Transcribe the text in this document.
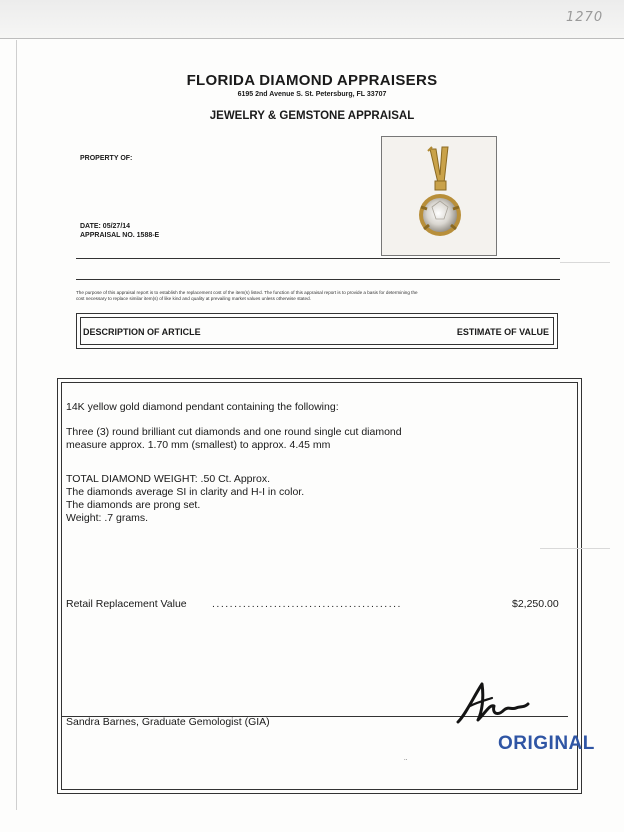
1270
FLORIDA DIAMOND APPRAISERS
6195 2nd Avenue S. St. Petersburg, FL 33707
JEWELRY & GEMSTONE APPRAISAL
PROPERTY OF:
DATE: 05/27/14
APPRAISAL NO. 1588-E
The purpose of this appraisal report is to establish the replacement cost of the item(s) listed. The function of this appraisal report is to provide a basis for determining the
cost necessary to replace similar item(s) of like kind and quality at prevailing market values unless otherwise stated.
DESCRIPTION OF ARTICLE	ESTIMATE OF VALUE
14K yellow gold diamond pendant containing the following:
Three (3) round brilliant cut diamonds and one round single cut diamond
measure approx. 1.70 mm (smallest) to approx. 4.45 mm
TOTAL DIAMOND WEIGHT: .50 Ct. Approx.
The diamonds average SI in clarity and H-I in color.
The diamonds are prong set.
Weight: .7 grams.
Retail Replacement Value ...........................................	$2,250.00
Sandra Barnes, Graduate Gemologist (GIA)
ORIGINAL
..
